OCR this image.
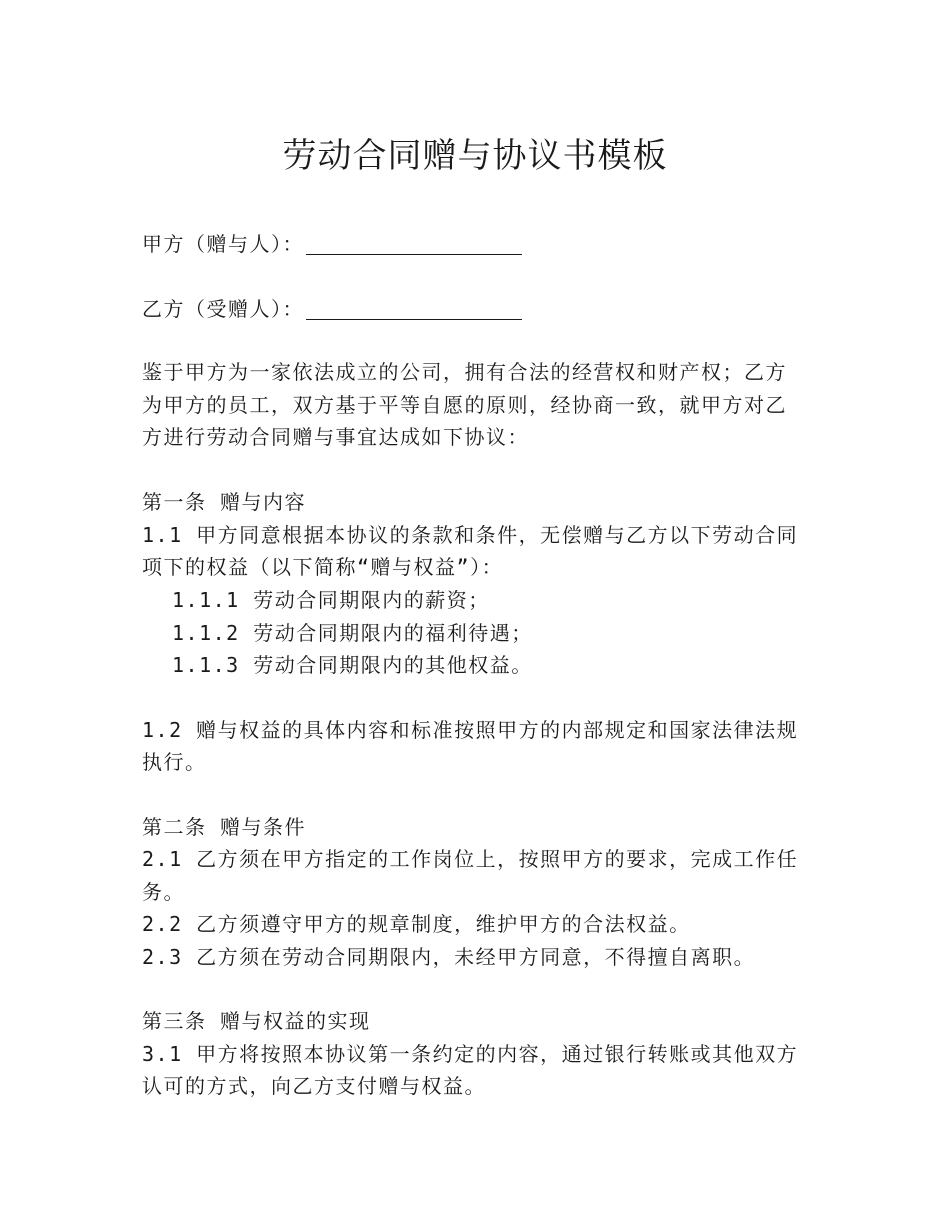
劳动合同赠与协议书模板
甲方（赠与人）：
乙方（受赠人）：
鉴于甲方为一家依法成立的公司，拥有合法的经营权和财产权；乙方
为甲方的员工，双方基于平等自愿的原则，经协商一致，就甲方对乙
方进行劳动合同赠与事宜达成如下协议：
第一条 赠与内容
1.1 甲方同意根据本协议的条款和条件，无偿赠与乙方以下劳动合同
项下的权益（以下简称“赠与权益”）：
1.1.1 劳动合同期限内的薪资；
1.1.2 劳动合同期限内的福利待遇；
1.1.3 劳动合同期限内的其他权益。
1.2 赠与权益的具体内容和标准按照甲方的内部规定和国家法律法规
执行。
第二条 赠与条件
2.1 乙方须在甲方指定的工作岗位上，按照甲方的要求，完成工作任
务。
2.2 乙方须遵守甲方的规章制度，维护甲方的合法权益。
2.3 乙方须在劳动合同期限内，未经甲方同意，不得擅自离职。
第三条 赠与权益的实现
3.1 甲方将按照本协议第一条约定的内容，通过银行转账或其他双方
认可的方式，向乙方支付赠与权益。
